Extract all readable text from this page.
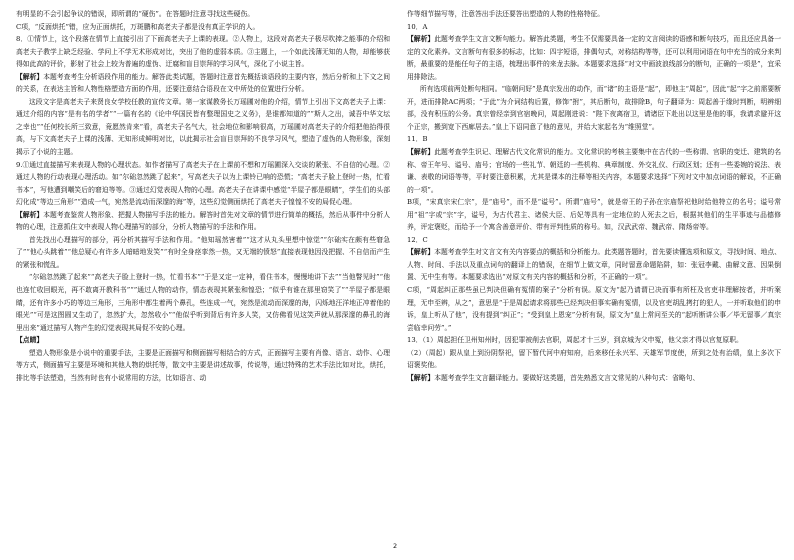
有明显的不会引起争议的错误，即所谓的“硬伤”。在答题时注意寻找这些硬伤。

C项，“反面烘托”错，应为正面烘托，万斑鹏和高老夫子都是没有真正学识的人。

8．①情节上，这个段落在情节上直接引出了下面高老夫子上课的表现。②人物上，这段对高老夫子极尽吹捧之能事的介绍和高老夫子教学上缺乏经验、学问上不学无术形成对比，突出了他的虚弱本质。③主题上，一个如此浅薄无知的人物，却能够获得如此高的评价，影射了社会上较为普遍的虚伪、迂腐和盲目崇拜的学习风气，深化了小说主旨。

【解析】本题考查考生分析语段作用的能力。解答此类试题，答题时注意首先概括该语段的主要内容，然后分析和上下文之间的关系，在表达主旨和人物性格塑造方面的作用，还要注意结合语段在文中所处的位置进行分析。

这段文字是高老夫子来贤良女学校任教的宣传文章。第一家谋教务长万瑶圃对他的介绍，情节上引出下文高老夫子上课：通过介绍的内容“是有名的学者”“一篇有名的《论中华国民皆有整理国史之义务》，是谁都知道的”“斯人之出，诚吾中华文坛之幸也”“任何校长所三致意，竟愿然肯来”看，高老夫子名气大，社会地位和影响很高，万瑶圃对高老夫子的介绍把他抬得很高，与下文高老夫子上课的浅薄、无知形成鲜明对比，以此揭示社会盲目崇拜的不良学习风气，塑造了虚伪的人物形象，深刻揭示了小说的主题。

9.①通过直接描写来表现人物的心理状态。如作者描写了高老夫子在上课前不想和万瑶圃深入交谈的紧张、不自信的心理。②通过人物的行动表现心理活动。如“尔础忽然跳了起来”，写高老夫子以为上课铃已响的恐慌；“高老夫子脸上登时一热，忙看书本”，写他遭到嘲笑后的窘迫等等。③通过幻觉表现人物的心理。高老夫子在讲课中感觉“半屋子都是眼睛”，学生们的头部幻化成“等边三角形”“造成一气，宛然是流动而深邃的海”等，这些幻觉侧面烘托了高老夫子惶惶不安的局促心理。

【解析】本题考查鉴赏人物形象、把握人物描写手法的能力。解答时首先对文章的情节进行简单的概括，然后从事件中分析人物的心理，注意抓住文中表现人物心理描写的部分，分析人物描写的手法和作用。

首先找出心理描写的部分，再分析其描写手法和作用。“他知瑶然害着”“这才从丸头里想中惊觉”“尔础实在颇有些窘急了”“他心头跳着”“他总疑心有许多人暗暗地发笑”“有时全身痉挛然一热，又无端的愤怒”直接表现他因没把握、不自信而产生的紧张和慌乱。

“尔础忽然跳了起来”“高老夫子脸上登时一热，忙看书本”“于是又定一定神，看住书本，慢慢地讲下去”“当他瞥见时”“他也连忙收回眼光，再不敢离开教科书”“”通过人物的动作，情态表现其紧张和惶恐；“似乎有谁在那里窃笑了”“半屋子都是眼睛，还有许多小巧的等边三角形，三角形中都生着两个鼻孔，些连成一气，宛然是流动而深邃的海，闪烁地汪洋地正冲着他的眼光”“可是这图圆又生动了，忽然扩大，忽然收小”“他似乎听到背后有许多人笑，又仿佛看见这笑声就从那深邃的鼻孔的海里出来”通过描写人物产生的幻觉表现其局促不安的心理。

【点睛】

塑造人物形象是小说中的重要手法，主要是正面描写和侧面描写相结合的方式，正面描写主要有肖像、语言、动作、心理等方式，侧面描写主要是环境和其他人物的烘托等，散文中主要是讲述故事，传说等，通过特殊的艺术手法比如对比，烘托，排比等手法塑造，当然有时也有小说常用的方法，比如语言、动

作等细节描写等，注意答出手法还要答出塑造的人物的性格特征。

10．A

【解析】此题考查学生文言文断句能力。解答此类题，考生不仅需要具备一定的文言阅读的语感和断句技巧，而且还应具备一定的文化素养。文言断句有很多的标志，比如：四字短语，排偶句式，对称结构等等，还可以利用词语在句中充当的成分来判断，最重要的是能任句子的主语，梳理出事件的来龙去脉。本题要求选择“对文中画波浪线部分的断句，正确的一项是”，宜采用排除法。

所有选项前两处断句相同。“临朝问好”是真宗发出的动作，而“诸”的主语是“起”，即他主“周起”，因此“起”字之前需要断开，进而排除AC两项；“于此”为介词结构后置，修饰“拊”，其后断句，故排除B，句子翻译为：周起善于缘时判断，明辨细部，没有积压的公务。真宗曾经亲到官宿晚问，周起刚进说：“陛下夜离宿卫，请诸臣下赴出以这里是他的事，我请求避开这个正宗，搬到宽下西廊居去。”皇上下诏同意了他的意见，并给大家起名为“维照堂”。

11．B

【解析】此题考查学生识记、理解古代文化常识的能力。文化常识的考核主要集中在古代的一些称谓、官职的变迁、建筑的名称、帝王年号、谥号、庙号；官场的一些礼节、朝廷的一些机构、典章制度、外交礼仪、行政区划；还有一些委婉的说法、表谦、表敬的词语等等，平时要注意积累，尤其是课本的注释等相关内容，本题要求选择“下列对文中加点词语的解说，不正确的一项”。

B项，“宋真宗宋仁宗”，是“庙号”，而不是“谥号”。所谓“庙号”，就是帝王的子孙在宗庙祭祀他时给他特立的名号；谥号常用“祖”字或“宗”字，谥号，为古代君主、诸侯大臣、后妃等具有一定地位的人死去之后，根据其他们的生平事迹与品德修养，评定褒贬，而给予一个寓含善意评价、带有评判性质的称号。如，汉武武帝、魏武帝、隋炀帝等。

12．C

【解析】本题考查学生对文言文有关内容要点的概括和分析能力。此类题答题时，首先要读懂选项和原文，寻找时间、地点、人物、时间、手法以及重点词句的翻译上的错误，在细节上做文章，同时留意命题陷阱，如：张冠李戴、曲解文意、因果倒置、无中生有等。本题要求选出“对原文有关内容的概括和分析，不正确的一项”。

C项，“周起纠正那些虽已判决但确有冤情的案子”分析有误。原文为“起乃请谓已决而事有所枉及官吏非理解按者，并听案理，无申至辨，从之”，意思是“于是周起请求将那些已经判决但事实确有冤情，以及官吏胡乱拷打的犯人，一并听取他们的申诉，皇上听从了他”，没有提到“纠正”；“受到皇上恩宠”分析有误，原文为“皇上常问至关的“起听断讲公事／毕无留事／真宗尝临幸问劳”。”

13．（1）周起担任卫州知州时，因犯罪被削去官职，周起才十三岁，到京城为父申冤，他父亲才得以官复原职。

（2）（周起）跟从皇上到汾阴祭祀，留下暂代河中府知府，后来移任永兴军、天雄军节度使，所到之处有治绩，皇上多次下诏褒奖他。

【解析】本题考查学生文言翻译能力。要做好这类题，首先熟悉文言文常见的八种句式：省略句、

2
